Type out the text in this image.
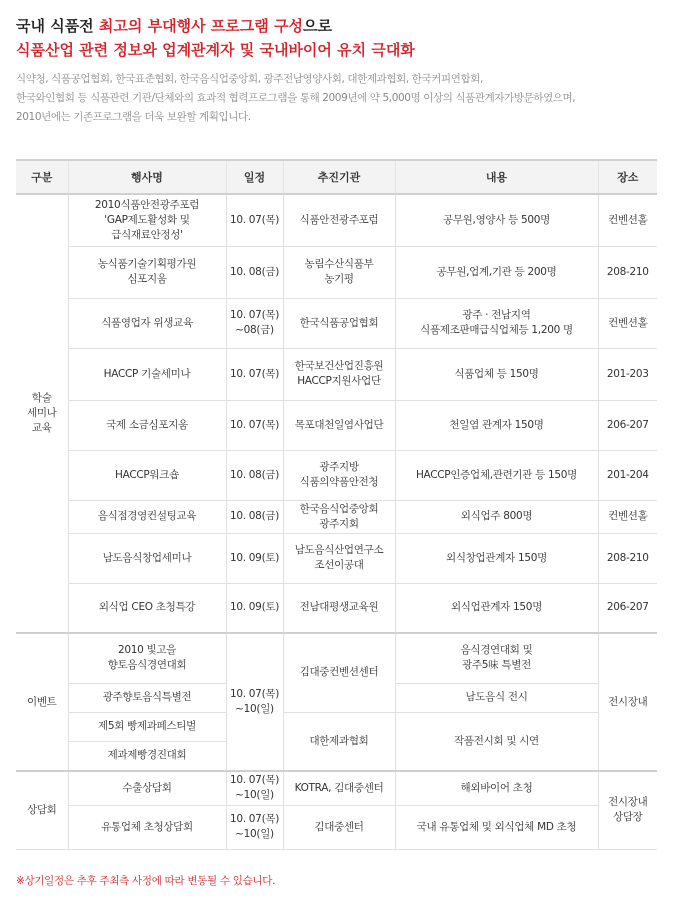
국내 식품전 최고의 부대행사 프로그램 구성으로
식품산업 관련 정보와 업계관계자 및 국내바이어 유치 극대화
식약청, 식품공업협회, 한국표준협회, 한국음식업중앙회, 광주전남영양사회, 대한제과협회, 한국커피연합회,
한국와인협회 등 식품관련 기관/단체와의 효과적 협력프로그램을 통해 2009년에 약 5,000명 이상의 식품관계자가방문하였으며,
2010년에는 기존프로그램을 더욱 보완할 계획입니다.
구분	행사명	일정	추진기관	내용	장소
학술
세미나
교육	2010식품안전광주포럼
'GAP제도활성화 및
급식재료안정성'	10. 07(목)	식품안전광주포럼	공무원,영양사 등 500명	컨벤션홀
	농식품기술기획평가원
심포지움	10. 08(금)	농림수산식품부
농기평	공무원,업계,기관 등 200명	208-210
	식품영업자 위생교육	10. 07(목)
~08(금)	한국식품공업협회	광주 · 전남지역
식품제조판매급식업체등 1,200 명	컨벤션홀
	HACCP 기술세미나	10. 07(목)	한국보건산업진흥원
HACCP지원사업단	식품업체 등 150명	201-203
	국제 소금심포지움	10. 07(목)	목포대천일염사업단	천일염 관계자 150명	206-207
	HACCP워크숍	10. 08(금)	광주지방
식품의약품안전청	HACCP인증업체,관련기관 등 150명	201-204
	음식점경영컨설팅교육	10. 08(금)	한국음식업중앙회
광주지회	외식업주 800명	컨벤션홀
	남도음식창업세미나	10. 09(토)	남도음식산업연구소
조선이공대	외식창업관계자 150명	208-210
	외식업 CEO 초청특강	10. 09(토)	전남대평생교육원	외식업관계자 150명	206-207
이벤트	2010 빛고을
향토음식경연대회	10. 07(목)
~10(일)	김대중컨벤션센터	음식경연대회 및
광주5味 특별전	전시장내
	광주향토음식특별전			남도음식 전시	
	제5회 빵제과페스티벌		대한제과협회	작품전시회 및 시연	
	제과제빵경진대회				
상담회	수출상담회	10. 07(목)
~10(일)	KOTRA, 김대중센터	해외바이어 초청	전시장내
상담장
	유통업체 초청상담회	10. 07(목)
~10(일)	김대중센터	국내 유통업체 및 외식업체 MD 초청	
※상기일정은 추후 주최측 사정에 따라 변동될 수 있습니다.
